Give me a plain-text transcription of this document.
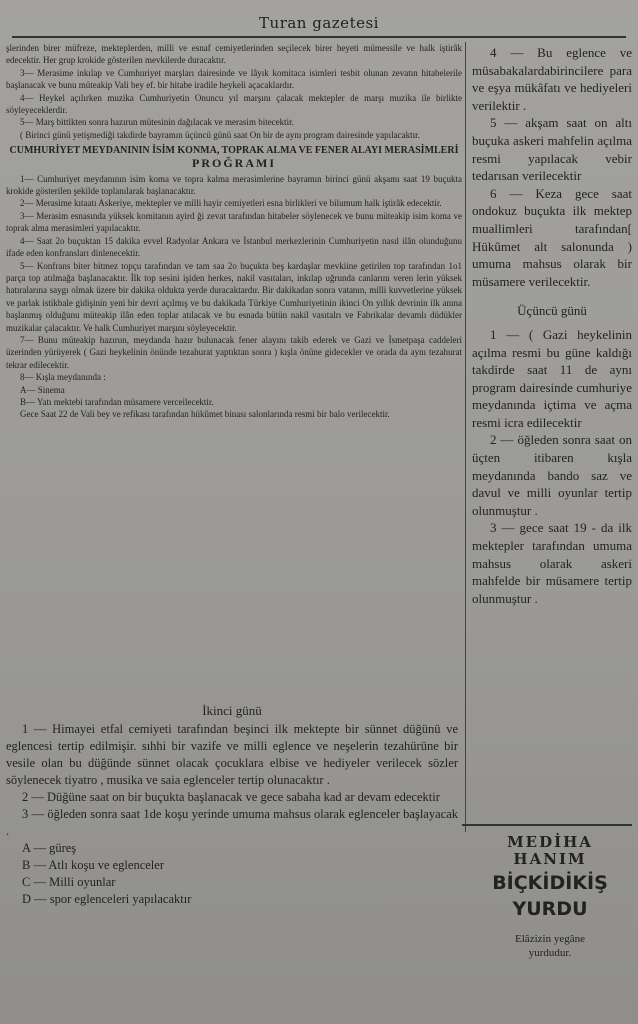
Turan gazetesi

şlerinden birer müfreze, mekteplerden, milli ve esnaf cemiyetlerinden seçilecek birer heyeti mümessile ve halk iştirâk edecektir. Her grup krokide gösterilen mevkilerde duracaktır.

3— Merasime inkılap ve Cumhuriyet marşları dairesinde ve lâyık komitaca isimleri tesbit olunan zevatın hitabelerile başlanacak ve bunu müteakip Vali bey ef. bir hitabe iradile heykeli açacaklardır.

4— Heykel açılırken muzika Cumhuriyetin Onuncu yıl marşını çalacak mektepler de marşı muzika ile birlikte söyleyeceklerdir.

5— Marş bittikten sonra hazırun mütesinin dağılacak ve merasim bitecektir.

( Birinci günü yetişmediği takdirde bayramın üçüncü günü saat On bir de aynı program dairesinde yapılacaktır.

CUMHURİYET MEYDANININ İSİM KONMA, TOPRAK ALMA VE FENER ALAYI MERASİMLERİ

PROĞRAMI

1— Cumhuriyet meydanının isim koma ve topra kalma merasimlerine bayramın birinci günü akşamı saat 19 buçukta krokide gösterilen şekilde toplanılarak başlanacaktır.

2— Merasime kıtaatı Askeriye, mektepler ve milli hayir cemiyetleri esna birlikleri ve bilumum halk iştirâk edecektir.

3— Merasim esnasında yüksek komitanın ayird ği zevat tarafından hitabeler söylenecek ve bunu müteakip isim koma ve toprak alma merasimleri yapılacaktır.

4— Saat 2o buçuktan 15 dakika evvel Radyolar Ankara ve İstanbul merkezlerinin Cumhuriyetin nasıl ilân olunduğunu ifade eden konfransları dinlenecektir.

5— Konfrans biter bitmez topçu tarafından ve tam saa 2o buçukta beş kardaşlar mevkiine getirilen top tarafından 1o1 parça top atılmağa başlanacaktır. İlk top sesini işiden herkes, nakil vasıtaları, inkılap uğrunda canlarını veren lerin yüksek hatıralarına saygı olmak üzere bir dakika oldukta yerde duracaktardır. Bir dakikadan sonra vatanın, milli kuvvetlerine yüksek ve parlak istikbale gidişinin yeni bir devri açılmış ve bu dakikada Türkiye Cumhuriyetinin ikinci On yıllık devrinin ilk anına başlanmış olduğunu müteakip ilân eden toplar atılacak ve bu esnada bütün nakil vasıtalrı ve Fabrikalar devamlı düdükler muzikalar çalacaktır. Ve halk Cumhuriyet marşını söyleyecektir.

7— Bunu müteakip hazırun, meydanda hazır bulunacak fener alayını takib ederek ve Gazi ve İsmetpaşa caddeleri üzerinden yürüyerek ( Gazi heykelinin önünde tezahurat yaptıktan sonra ) kışla önüne gidecekler ve orada da aynı tezahurat tekrar edilecektir.

8— Kışla meydanında :

A— Sinema

B— Yatı mektebi tarafından müsamere verceilecektir.

Gece Saat 22 de Vali bey ve refikası tarafından hükûmet binası salonlarında resmi bir balo verilecektir.

İkinci günü

1 — Himayei etfal cemiyeti tarafından beşinci ilk mektepte bir sünnet düğünü ve eglencesi tertip edilmişir. sıhhi bir vazife ve milli eglence ve neşelerin tezahürüne bir vesile olan bu düğünde sünnet olacak çocuklara elbise ve hediyeler verilecek sözler söylenecek tiyatro , musika ve saia eglenceler tertip olunacaktır .

2 — Düğüne saat on bir buçukta başlanacak ve gece sabaha kad ar devam edecektir

3 — öğleden sonra saat 1de koşu yerinde umuma mahsus olarak eglenceler başlayacak .

A — güreş

B — Atlı koşu ve eglenceler

C — Milli oyunlar

D — spor eglenceleri yapılacaktır

4 — Bu eglence ve müsabakalardabirincilere para ve eşya mükâfatı ve hediyeleri verilektir .

5 — akşam saat on altı buçuka askeri mahfelin açılma resmi yapılacak vebir tedarısan verilecektir

6 — Keza gece saat ondokuz buçukta ilk mektep muallimleri tarafından[ Hükûmet alt salonunda ) umuma mahsus olarak bir müsamere verilecektir.

Üçüncü günü

1 — ( Gazi heykelinin açılma resmi bu güne kaldığı takdirde saat 11 de aynı program dairesinde cumhuriye meydanında içtima ve açma resmi icra edilecektir

2 — öğleden sonra saat on üçten itibaren kışla meydanında bando saz ve davul ve milli oyunlar tertip olunmuştur .

3 — gece saat 19 - da ilk mektepler tarafından umuma mahsus olarak askeri mahfelde bir müsamere tertip olunmuştur .

MEDİHA
HANIM
BİÇKİDİKİŞ
YURDU
Elâzizin yegâne
yurdudur.
